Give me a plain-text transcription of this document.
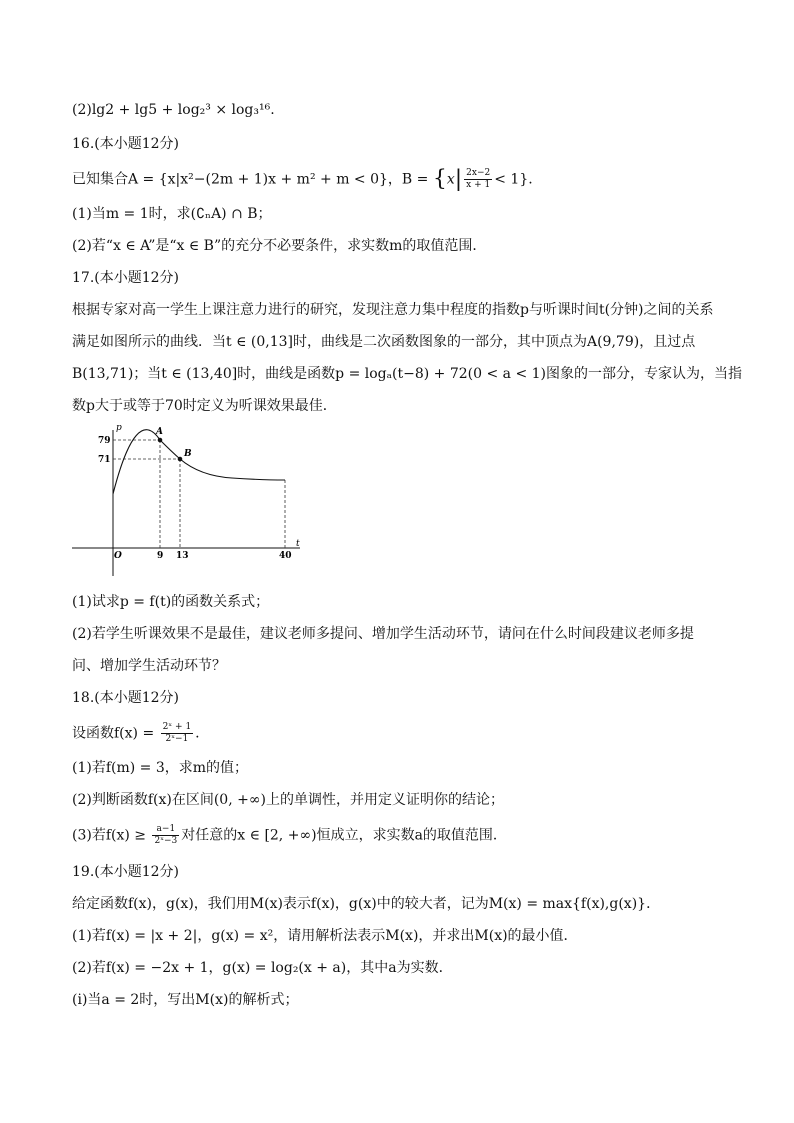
(2)lg2 + lg5 + log₂³ × log₃¹⁶.
16.(本小题12分)
已知集合A = {x|x²−(2m + 1)x + m² + m < 0}，$B = \{x| \frac{2x-2}{x + 1} < 1\}$.
(1)当m = 1时，求(∁ₙA) ∩ B；
(2)若“x ∈ A”是“x ∈ B”的充分不必要条件，求实数m的取值范围．
17.(本小题12分)
根据专家对高一学生上课注意力进行的研究，发现注意力集中程度的指数p与听课时间t(分钟)之间的关系
满足如图所示的曲线．当t ∈ (0,13]时，曲线是二次函数图象的一部分，其中顶点为A(9,79)，且过点
B(13,71)；当t ∈ (13,40]时，曲线是函数p = logₐ(t−8) + 72(0 < a < 1)图象的一部分，专家认为，当指
数p大于或等于70时定义为听课效果最佳．
p
t
O
79
71
9 13	40
A
B
(1)试求p = f(t)的函数关系式；
(2)若学生听课效果不是最佳，建议老师多提问、增加学生活动环节，请问在什么时间段建议老师多提
问、增加学生活动环节？
18.(本小题12分)
设函数$f(x) = \frac{\text{2ˣ + 1}}{\text{2ˣ−1}}$ .
(1)若f(m) = 3，求m的值；
(2)判断函数f(x)在区间(0, +∞)上的单调性，并用定义证明你的结论；
(3)若$f(x) \ge \frac{a-1}{\text{2ˣ−3}}$ 对任意的x ∈ [2, +∞)恒成立，求实数a的取值范围．
19.(本小题12分)
给定函数f(x)，g(x)，我们用M(x)表示f(x)，g(x)中的较大者，记为M(x) = max{f(x),g(x)}．
(1)若f(x) = |x + 2|，g(x) = x²，请用解析法表示M(x)，并求出M(x)的最小值．
(2)若f(x) = −2x + 1，g(x) = log₂(x + a)，其中a为实数．
(ⅰ)当a = 2时，写出M(x)的解析式；
